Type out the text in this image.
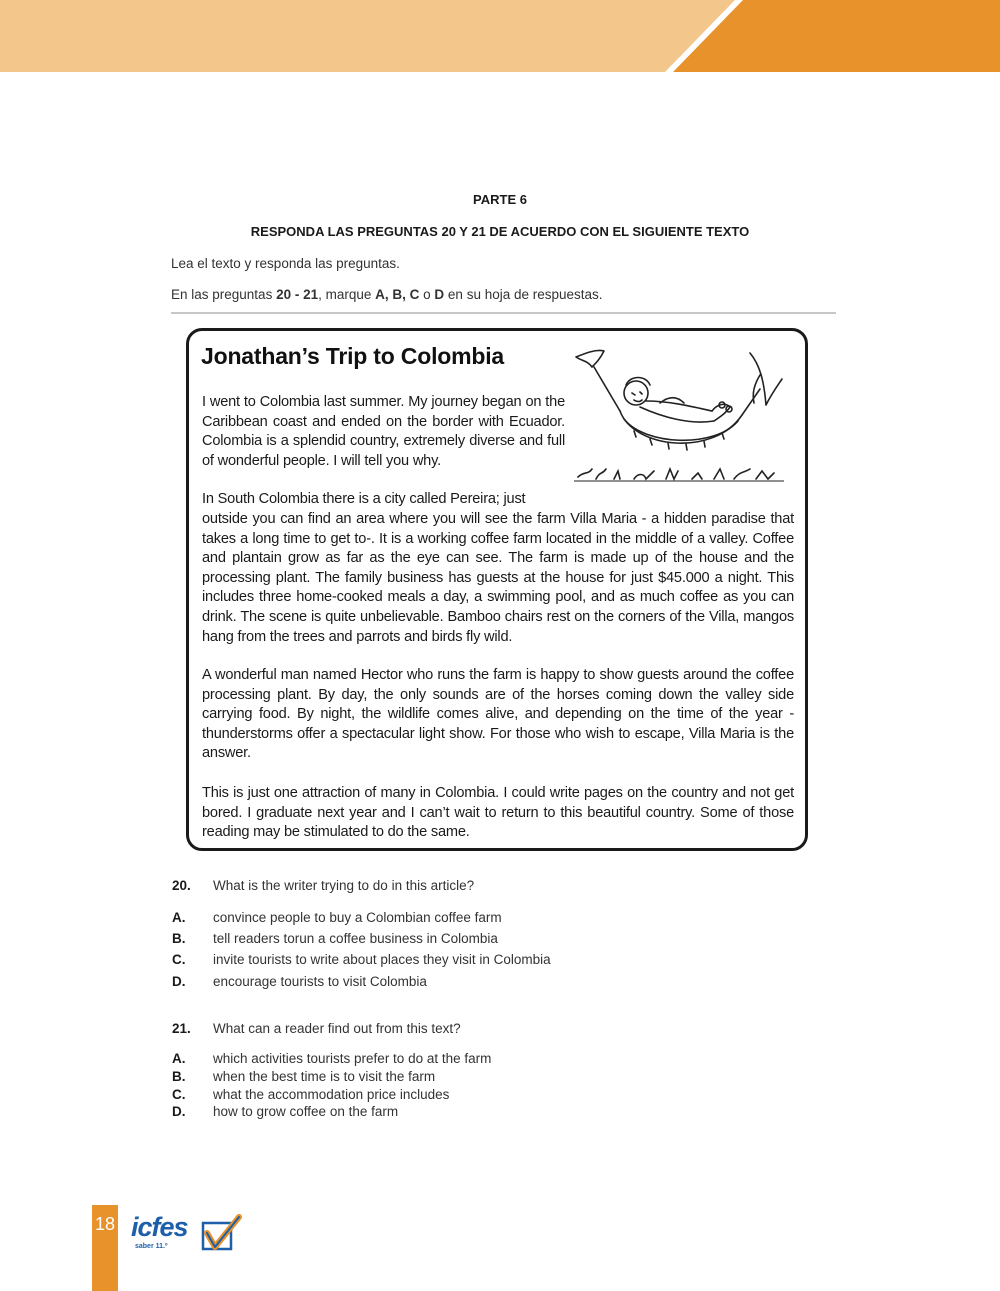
PARTE 6
RESPONDA LAS PREGUNTAS 20 Y 21 DE ACUERDO CON EL SIGUIENTE TEXTO
Lea el texto y responda las preguntas.
En las preguntas 20 - 21, marque A, B, C o D en su hoja de respuestas.
Jonathan’s Trip to Colombia

I went to Colombia last summer. My journey began on the Caribbean coast and ended on the border with Ecuador. Colombia is a splendid country, extremely diverse and full of wonderful people. I will tell you why.

In South Colombia there is a city called Pereira; just

outside you can find an area where you will see the farm Villa Maria - a hidden paradise that takes a long time to get to-. It is a working coffee farm located in the middle of a valley. Coffee and plantain grow as far as the eye can see. The farm is made up of the house and the processing plant. The family business has guests at the house for just $45.000 a night. This includes three home-cooked meals a day, a swimming pool, and as much coffee as you can drink. The scene is quite unbelievable. Bamboo chairs rest on the corners of the Villa, mangos hang from the trees and parrots and birds fly wild.

A wonderful man named Hector who runs the farm is happy to show guests around the coffee processing plant. By day, the only sounds are of the horses coming down the valley side carrying food. By night, the wildlife comes alive, and depending on the time of the year - thunderstorms offer a spectacular light show. For those who wish to escape, Villa Maria is the answer.

This is just one attraction of many in Colombia. I could write pages on the country and not get bored. I graduate next year and I can’t wait to return to this beautiful country. Some of those reading may be stimulated to do the same.

20. What is the writer trying to do in this article?
A. convince people to buy a Colombian coffee farm
B. tell readers torun a coffee business in Colombia
C. invite tourists to write about places they visit in Colombia
D. encourage tourists to visit Colombia
21. What can a reader find out from this text?
A. which activities tourists prefer to do at the farm
B. when the best time is to visit the farm
C. what the accommodation price includes
D. how to grow coffee on the farm
18 icfes
saber 11.º
